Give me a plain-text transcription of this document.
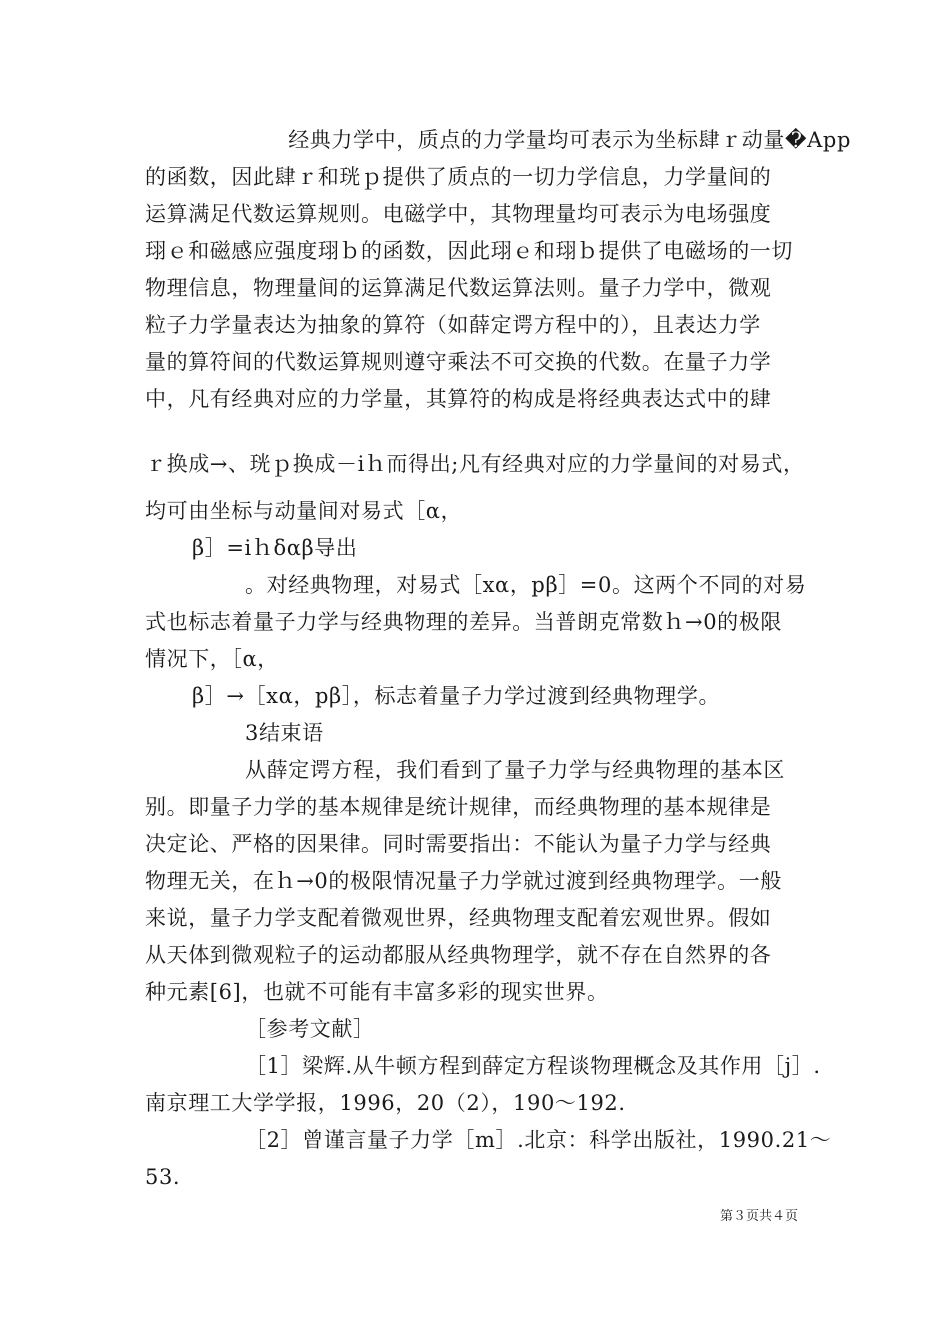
　　经典力学中，质点的力学量均可表示为坐标肆ｒ动量�App
的函数，因此肆ｒ和珖ｐ提供了质点的一切力学信息，力学量间的
运算满足代数运算规则。电磁学中，其物理量均可表示为电场强度
珝ｅ和磁感应强度珝ｂ的函数，因此珝ｅ和珝ｂ提供了电磁场的一切
物理信息，物理量间的运算满足代数运算法则。量子力学中，微观
粒子力学量表达为抽象的算符（如薛定谔方程中的），且表达力学
量的算符间的代数运算规则遵守乘法不可交换的代数。在量子力学
中，凡有经典对应的力学量，其算符的构成是将经典表达式中的肆
ｒ换成→、珖ｐ换成－iｈ而得出;凡有经典对应的力学量间的对易式，
均可由坐标与动量间对易式［α，
β］=iｈδαβ导出
。对经典物理，对易式［xα，pβ］=0。这两个不同的对易
式也标志着量子力学与经典物理的差异。当普朗克常数ｈ→0的极限
情况下，［α，
β］→［xα，pβ］，标志着量子力学过渡到经典物理学。
3结束语
从薛定谔方程，我们看到了量子力学与经典物理的基本区
别。即量子力学的基本规律是统计规律，而经典物理的基本规律是
决定论、严格的因果律。同时需要指出：不能认为量子力学与经典
物理无关，在ｈ→0的极限情况量子力学就过渡到经典物理学。一般
来说，量子力学支配着微观世界，经典物理支配着宏观世界。假如
从天体到微观粒子的运动都服从经典物理学，就不存在自然界的各
种元素[6]，也就不可能有丰富多彩的现实世界。
［参考文献］
［1］梁辉.从牛顿方程到薛定方程谈物理概念及其作用［j］.
南京理工大学学报，1996，20（2），190～192.
［2］曾谨言量子力学［m］.北京：科学出版社，1990.21～
53.
第３页共４页
